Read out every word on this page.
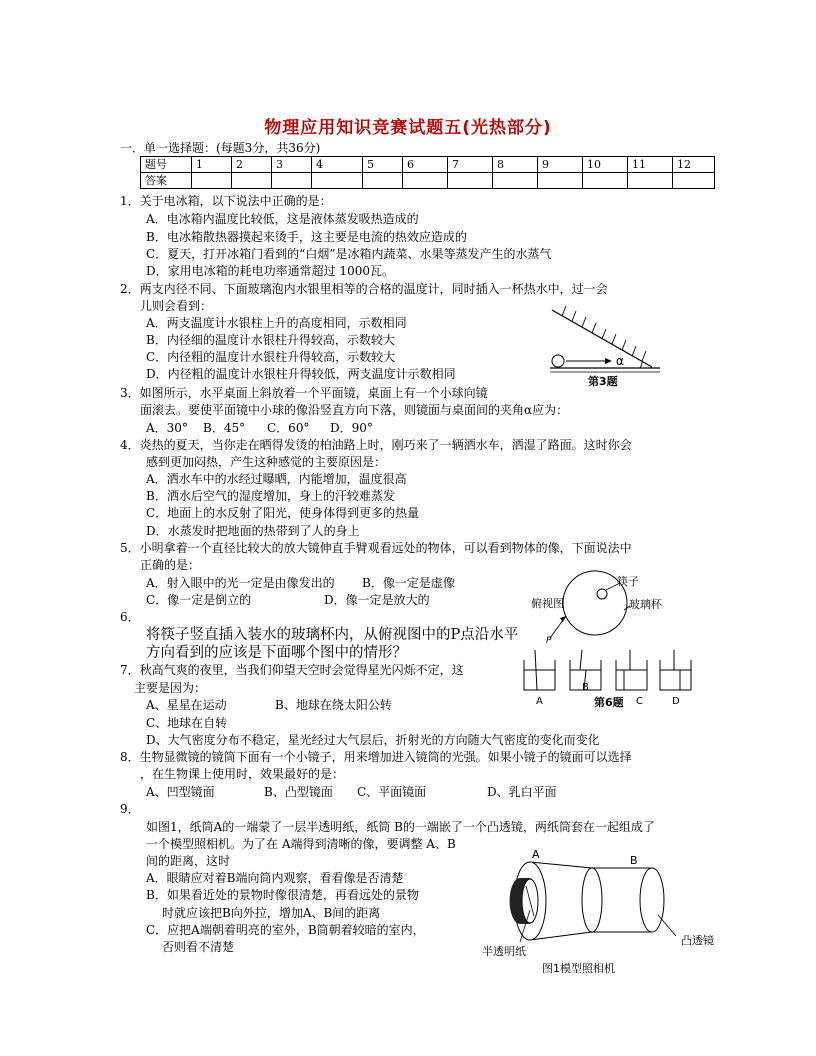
物理应用知识竞赛试题五(光热部分)
一．单一选择题：(每题3分，共36分)
题号	1	2	3	4	5	6	7	8	9	10	11	12
答案												
1．关于电冰箱，以下说法中正确的是：
A．电冰箱内温度比较低，这是液体蒸发吸热造成的
B．电冰箱散热器摸起来烫手，这主要是电流的热效应造成的
C．夏天，打开冰箱门看到的“白烟”是冰箱内蔬菜、水果等蒸发产生的水蒸气
D．家用电冰箱的耗电功率通常超过 1000瓦。
2．两支内径不同、下面玻璃泡内水银里相等的合格的温度计，同时插入一杯热水中，过一会
儿则会看到：
A．两支温度计水银柱上升的高度相同，示数相同
B．内径细的温度计水银柱升得较高，示数较大
C．内径粗的温度计水银柱升得较高，示数较大
D．内径粗的温度计水银柱升得较低，两支温度计示数相同
α
第3题
3．如图所示，水平桌面上斜放着一个平面镜，桌面上有一个小球向镜
面滚去。要使平面镜中小球的像沿竖直方向下落，则镜面与桌面间的夹角α应为：
A．30° B．45° C．60° D．90°
4．炎热的夏天，当你走在晒得发烫的柏油路上时，刚巧来了一辆洒水车，洒湿了路面。这时你会
感到更加闷热，产生这种感觉的主要原因是：
A．洒水车中的水经过曝晒，内能增加，温度很高
B．洒水后空气的湿度增加，身上的汗较难蒸发
C．地面上的水反射了阳光，使身体得到更多的热量
D．水蒸发时把地面的热带到了人的身上
5．小明拿着一个直径比较大的放大镜伸直手臂观看远处的物体，可以看到物体的像，下面说法中
正确的是：
A．射入眼中的光一定是由像发出的 B．像一定是虚像
C．像一定是倒立的	D．像一定是放大的
筷子
俯视图	玻璃杯
P
A
B
第6题 C	D
6．
将筷子竖直插入装水的玻璃杯内，从俯视图中的P点沿水平
方向看到的应该是下面哪个图中的情形？
7．秋高气爽的夜里，当我们仰望天空时会觉得星光闪烁不定，这
主要是因为：
A、星星在运动	B、地球在绕太阳公转
C、地球在自转
D、大气密度分布不稳定，星光经过大气层后，折射光的方向随大气密度的变化而变化
8．生物显微镜的镜筒下面有一个小镜子，用来增加进入镜筒的光强。如果小镜子的镜面可以选择
，在生物课上使用时，效果最好的是：
A、凹型镜面	B、凸型镜面 C、平面镜面	D、乳白平面
9．
如图1，纸筒A的一端蒙了一层半透明纸，纸筒 B的一端嵌了一个凸透镜，两纸筒套在一起组成了
一个模型照相机。为了在 A端得到清晰的像，要调整 A、B
间的距离，这时
A．眼睛应对着B端向筒内观察，看看像是否清楚
B．如果看近处的景物时像很清楚，再看远处的景物
时就应该把B向外拉，增加A、B间的距离
C．应把A端朝着明亮的室外，B筒朝着较暗的室内，
否则看不清楚
A	B
半透明纸
凸透镜
图1模型照相机
